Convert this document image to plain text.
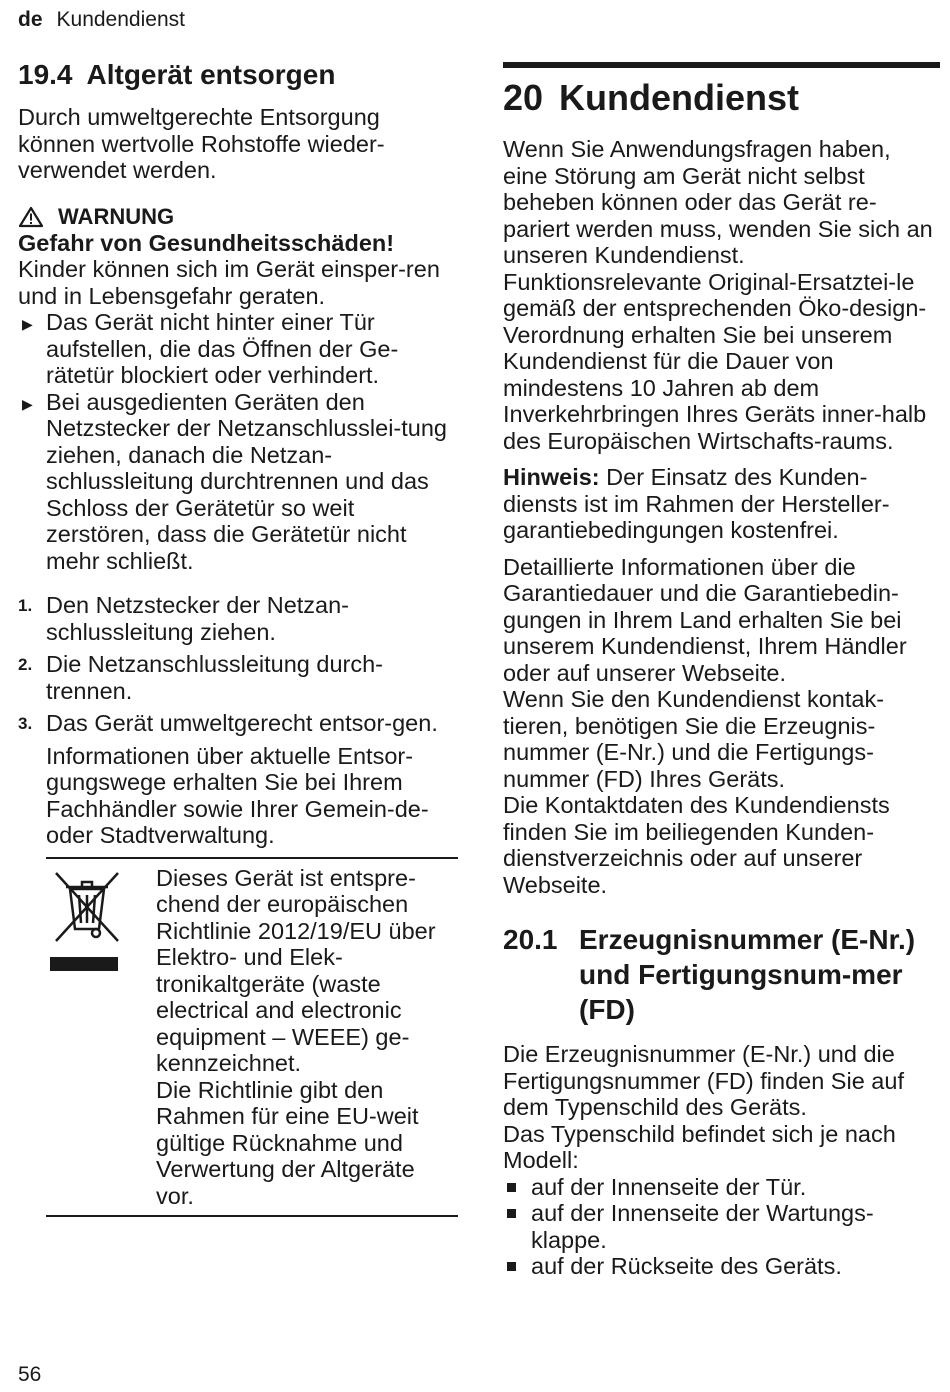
de Kundendienst
19.4 Altgerät entsorgen

Durch umweltgerechte Entsorgung können wertvolle Rohstoffe wieder-verwendet werden.

WARNUNG

Gefahr von Gesundheitsschäden!

Kinder können sich im Gerät einsper-ren und in Lebensgefahr geraten.

▶ Das Gerät nicht hinter einer Tür aufstellen, die das Öffnen der Ge-rätetür blockiert oder verhindert.
▶ Bei ausgedienten Geräten den Netzstecker der Netzanschlusslei-tung ziehen, danach die Netzan-schlussleitung durchtrennen und das Schloss der Gerätetür so weit zerstören, dass die Gerätetür nicht mehr schließt.
1. Den Netzstecker der Netzan-schlussleitung ziehen.
2. Die Netzanschlussleitung durch-trennen.
3. Das Gerät umweltgerecht entsor-gen.

Informationen über aktuelle Entsor-gungswege erhalten Sie bei Ihrem Fachhändler sowie Ihrer Gemein-de- oder Stadtverwaltung.

Dieses Gerät ist entspre-chend der europäischen Richtlinie 2012/19/EU über Elektro- und Elek-tronikaltgeräte (waste electrical and electronic equipment – WEEE) ge-kennzeichnet.

Die Richtlinie gibt den Rahmen für eine EU-weit gültige Rücknahme und Verwertung der Altgeräte vor.

20 Kundendienst

Wenn Sie Anwendungsfragen haben, eine Störung am Gerät nicht selbst beheben können oder das Gerät re-pariert werden muss, wenden Sie sich an unseren Kundendienst. Funktionsrelevante Original-Ersatztei-le gemäß der entsprechenden Öko-design-Verordnung erhalten Sie bei unserem Kundendienst für die Dauer von mindestens 10 Jahren ab dem Inverkehrbringen Ihres Geräts inner-halb des Europäischen Wirtschafts-raums.

Hinweis: Der Einsatz des Kunden-diensts ist im Rahmen der Hersteller-garantiebedingungen kostenfrei.

Detaillierte Informationen über die Garantiedauer und die Garantiebedin-gungen in Ihrem Land erhalten Sie bei unserem Kundendienst, Ihrem Händler oder auf unserer Webseite.

Wenn Sie den Kundendienst kontak-tieren, benötigen Sie die Erzeugnis-nummer (E-Nr.) und die Fertigungs-nummer (FD) Ihres Geräts.

Die Kontaktdaten des Kundendiensts finden Sie im beiliegenden Kunden-dienstverzeichnis oder auf unserer Webseite.

20.1 Erzeugnisnummer (E-Nr.) und Fertigungsnum-mer (FD)

Die Erzeugnisnummer (E-Nr.) und die Fertigungsnummer (FD) finden Sie auf dem Typenschild des Geräts.

Das Typenschild befindet sich je nach Modell:

auf der Innenseite der Tür.
auf der Innenseite der Wartungs-klappe.
auf der Rückseite des Geräts.
56
